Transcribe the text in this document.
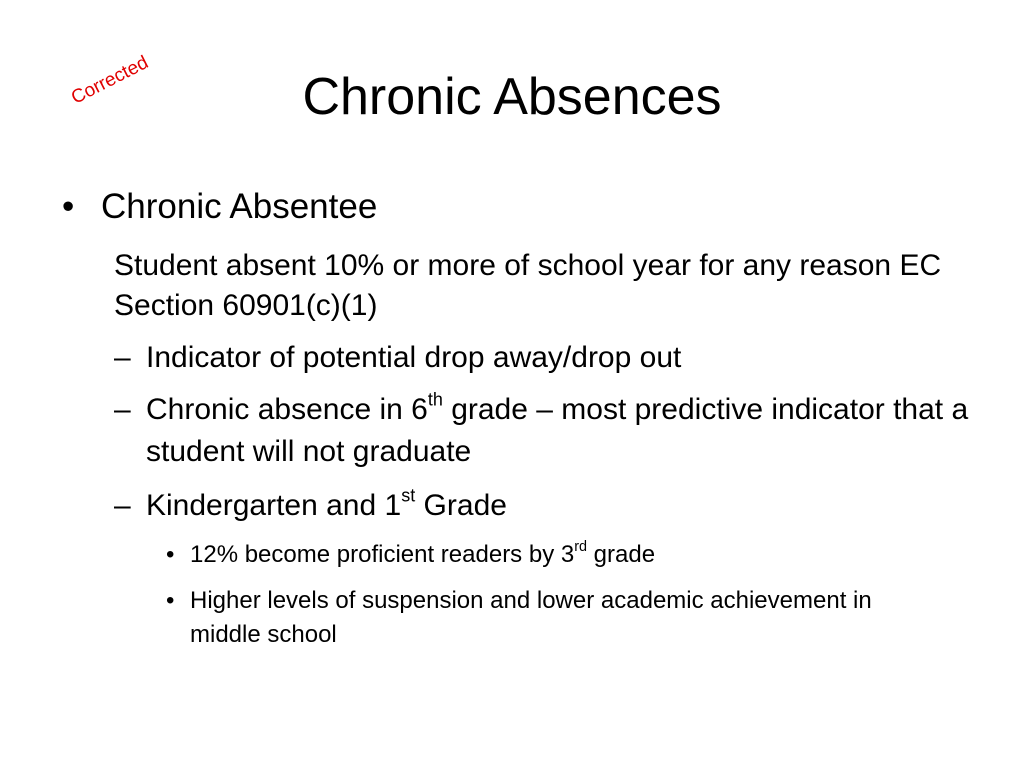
Corrected	Chronic Absences
• Chronic Absentee
Student absent 10% or more of school year for any reason EC Section 60901(c)(1)
– Indicator of potential drop away/drop out
– Chronic absence in 6th grade – most predictive indicator that a student will not graduate
– Kindergarten and 1st Grade
• 12% become proficient readers by 3rd grade
• Higher levels of suspension and lower academic achievement in middle school
